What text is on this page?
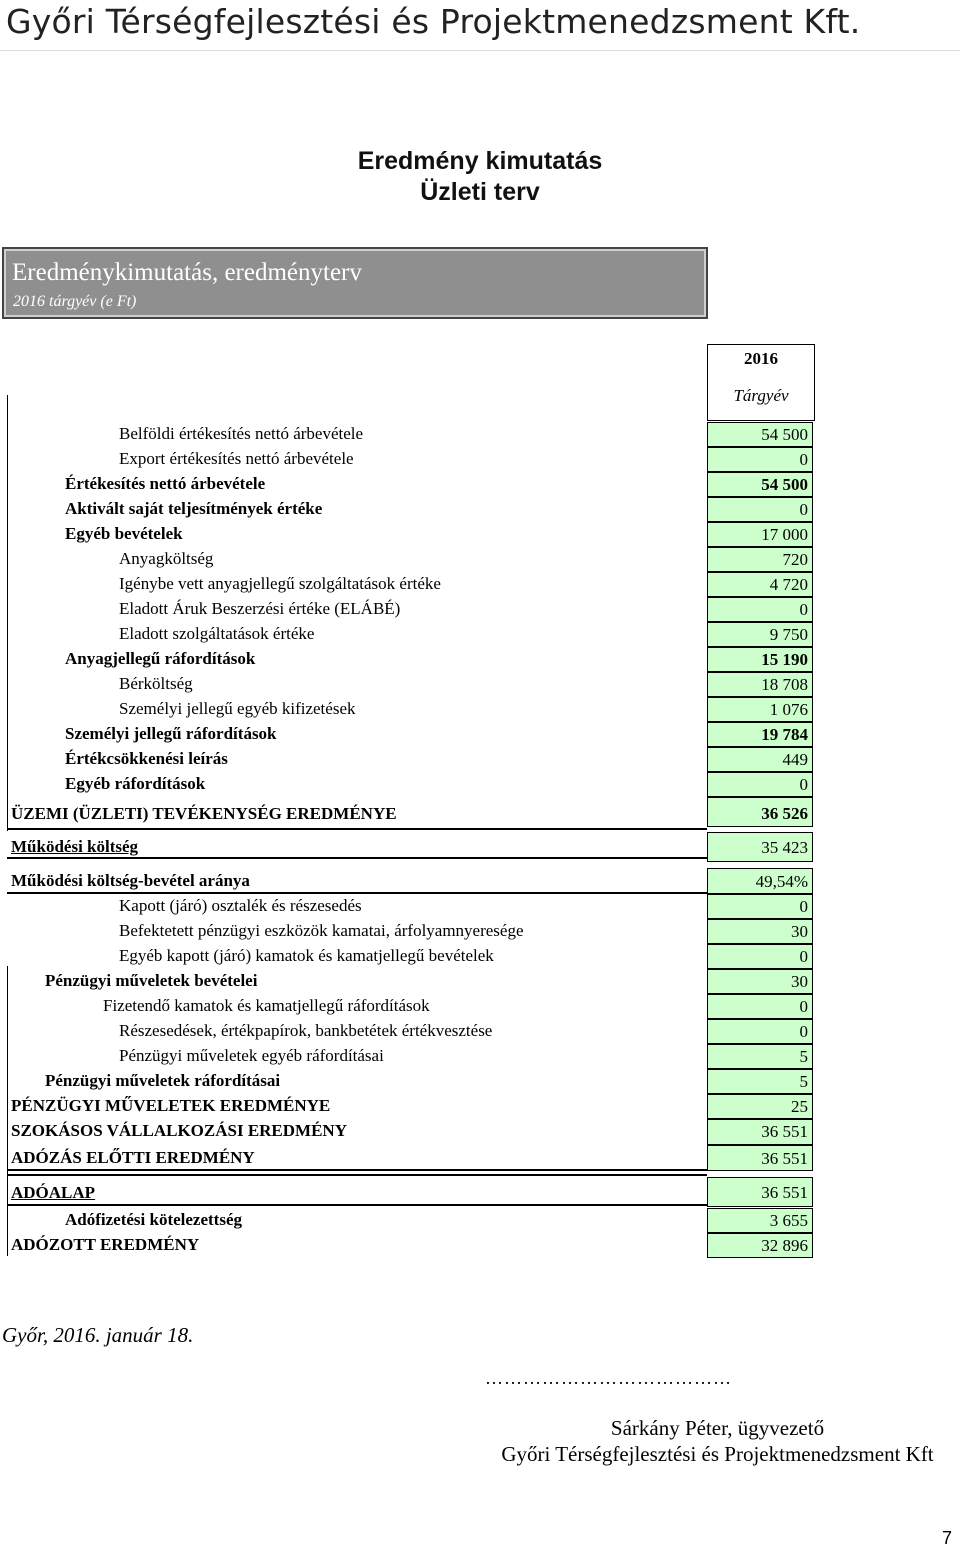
Győri Térségfejlesztési és Projektmenedzsment Kft.
Eredmény kimutatás
Üzleti terv
Eredménykimutatás, eredményterv
2016 tárgyév (e Ft)
2016
Tárgyév
Belföldi értékesítés nettó árbevétele	54 500
Export értékesítés nettó árbevétele	0
Értékesítés nettó árbevétele	54 500
Aktivált saját teljesítmények értéke	0
Egyéb bevételek	17 000
Anyagköltség	720
Igénybe vett anyagjellegű szolgáltatások értéke	4 720
Eladott Áruk Beszerzési értéke (ELÁBÉ)	0
Eladott szolgáltatások értéke	9 750
Anyagjellegű ráfordítások	15 190
Bérköltség	18 708
Személyi jellegű egyéb kifizetések	1 076
Személyi jellegű ráfordítások	19 784
Értékcsökkenési leírás	449
Egyéb ráfordítások	0
ÜZEMI (ÜZLETI) TEVÉKENYSÉG EREDMÉNYE	36 526
Működési költség	35 423
Működési költség-bevétel aránya	49,54%
Kapott (járó) osztalék és részesedés	0
Befektetett pénzügyi eszközök kamatai, árfolyamnyeresége	30
Egyéb kapott (járó) kamatok és kamatjellegű bevételek	0
Pénzügyi műveletek bevételei	30
Fizetendő kamatok és kamatjellegű ráfordítások	0
Részesedések, értékpapírok, bankbetétek értékvesztése	0
Pénzügyi műveletek egyéb ráfordításai	5
Pénzügyi műveletek ráfordításai	5
PÉNZÜGYI MŰVELETEK EREDMÉNYE	25
SZOKÁSOS VÁLLALKOZÁSI EREDMÉNY	36 551
ADÓZÁS ELŐTTI EREDMÉNY	36 551
ADÓALAP	36 551
Adófizetési kötelezettség	3 655
ADÓZOTT EREDMÉNY	32 896
Győr, 2016. január 18.
…………………………………
Sárkány Péter, ügyvezető
Győri Térségfejlesztési és Projektmenedzsment Kft
7
